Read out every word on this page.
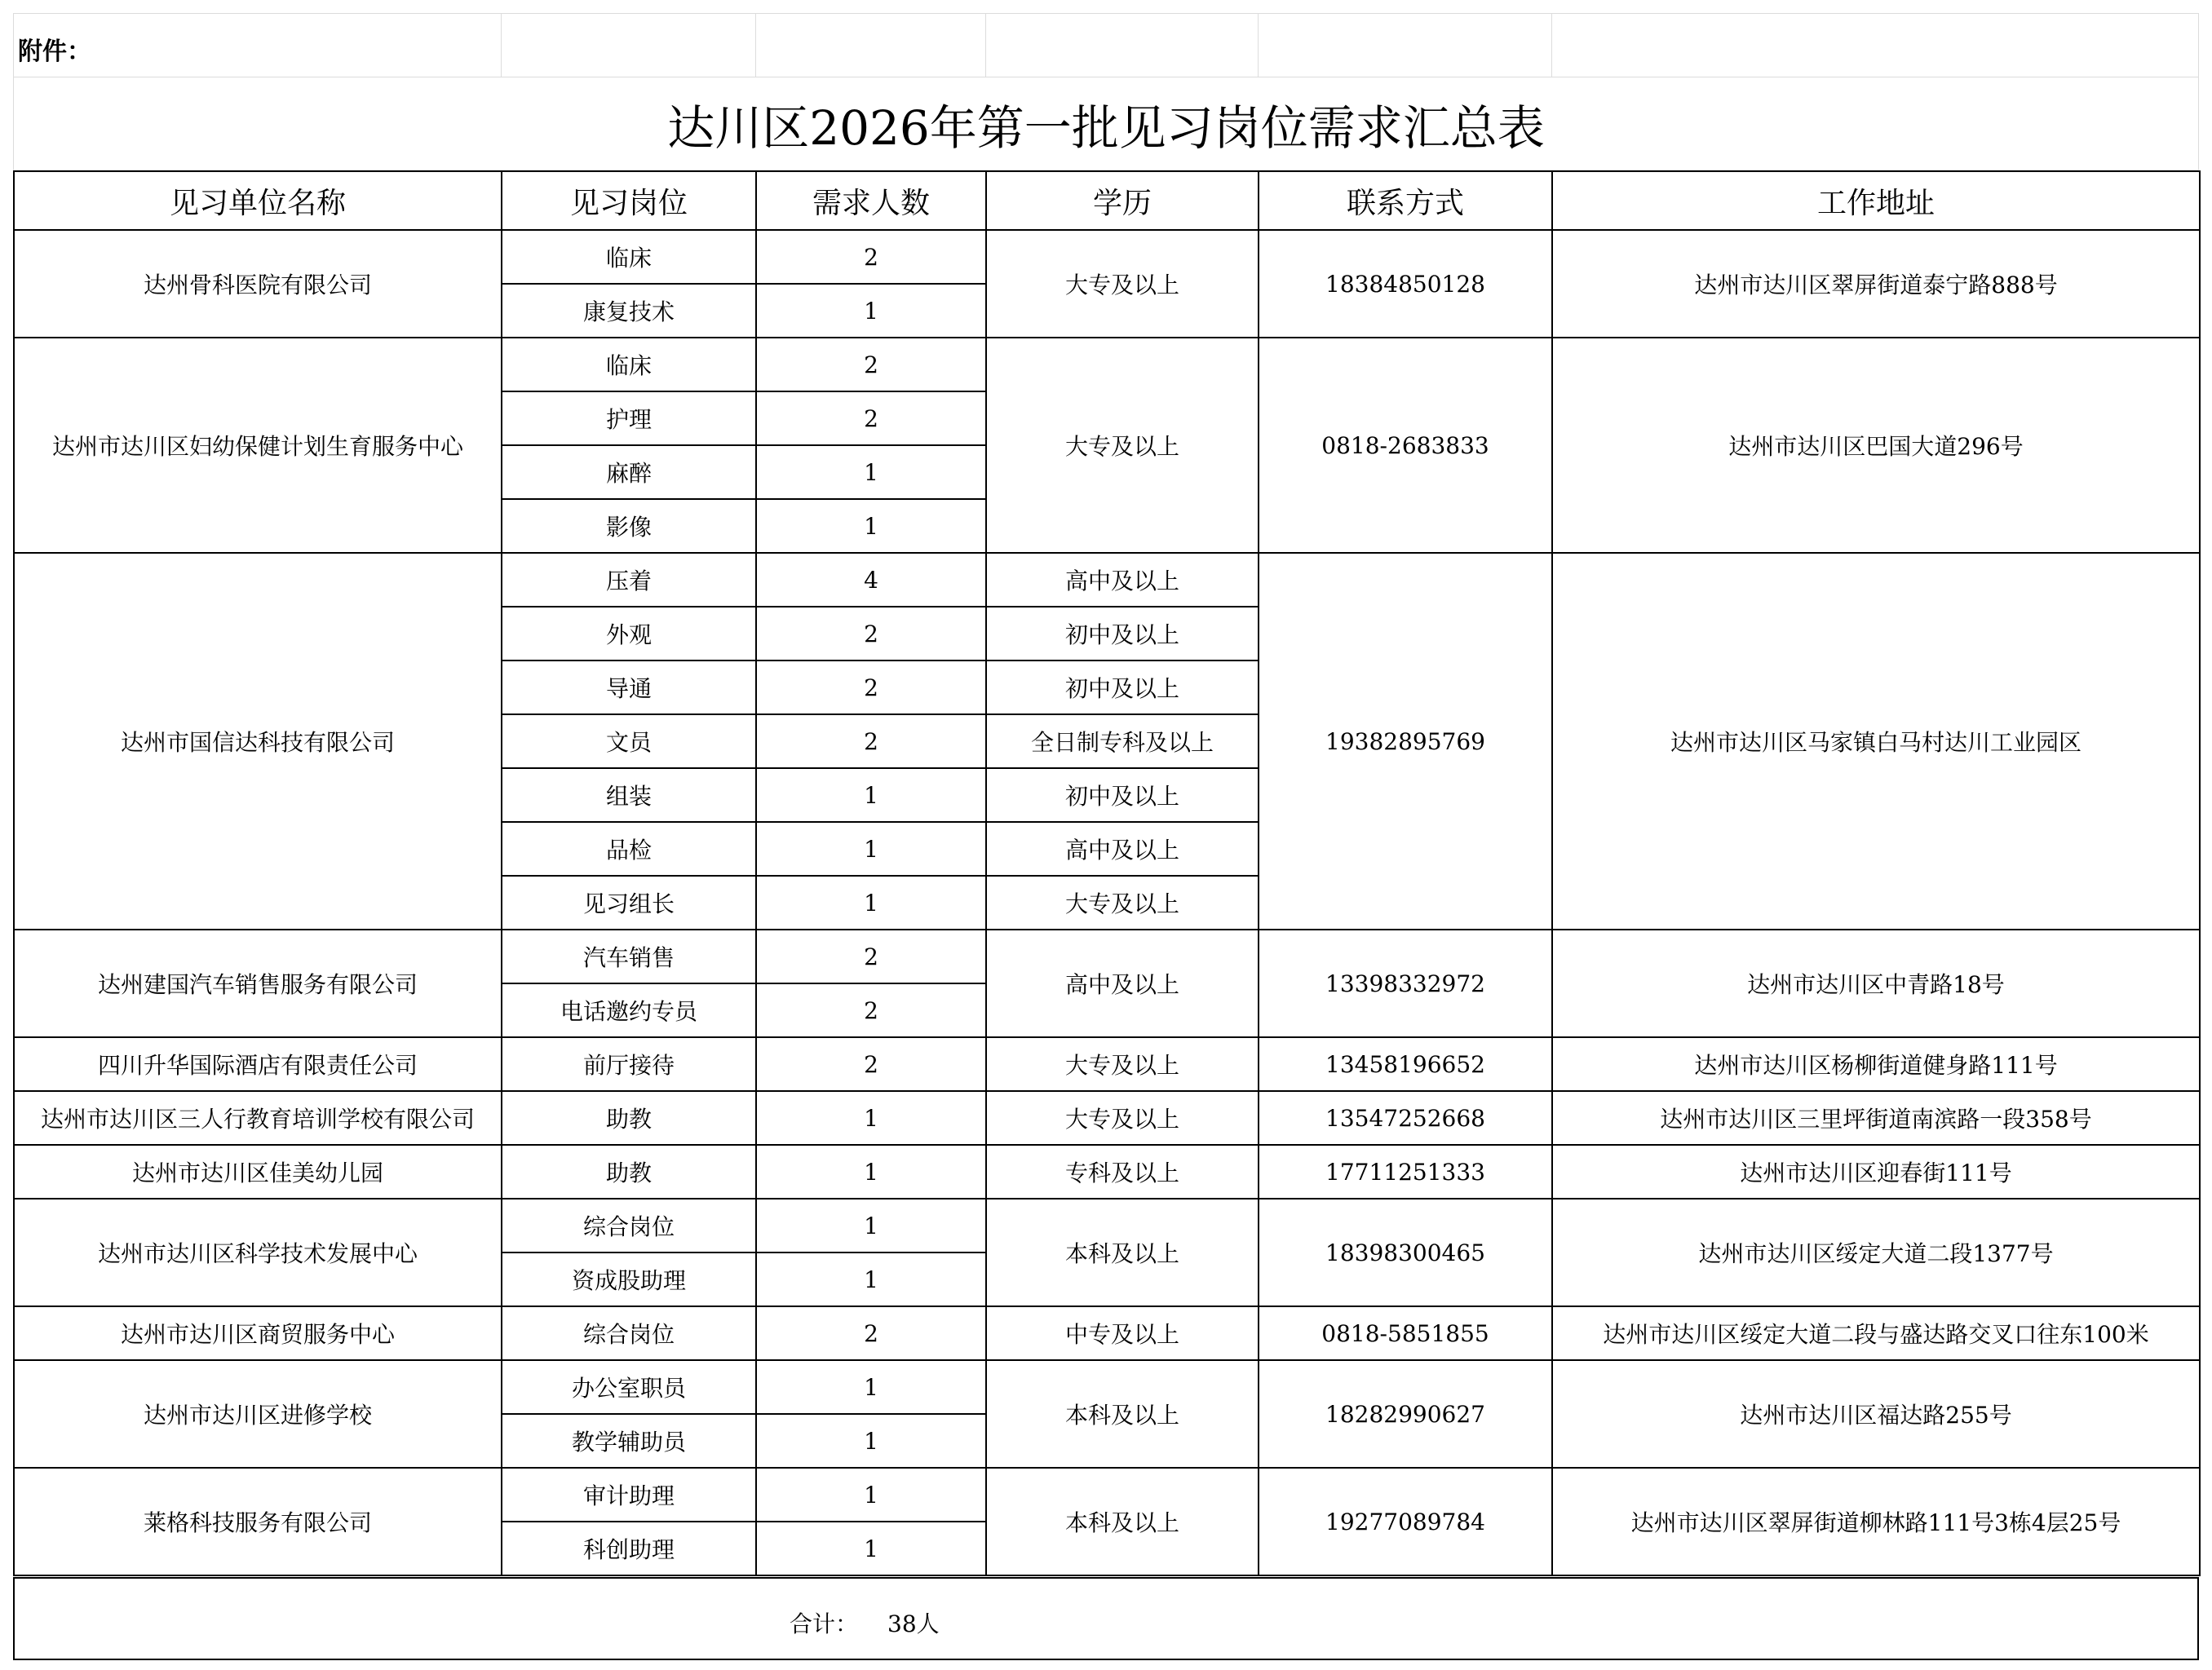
附件：
达川区2026年第一批见习岗位需求汇总表
见习单位名称	见习岗位	需求人数	学历	联系方式	工作地址
达州骨科医院有限公司	临床	2	大专及以上	18384850128	达州市达川区翠屏街道泰宁路888号
	康复技术	1			
达州市达川区妇幼保健计划生育服务中心	临床	2	大专及以上	0818-2683833	达州市达川区巴国大道296号
	护理	2			
	麻醉	1			
	影像	1			
达州市国信达科技有限公司	压着	4	高中及以上	19382895769	达州市达川区马家镇白马村达川工业园区
	外观	2	初中及以上		
	导通	2	初中及以上		
	文员	2	全日制专科及以上		
	组装	1	初中及以上		
	品检	1	高中及以上		
	见习组长	1	大专及以上		
达州建国汽车销售服务有限公司	汽车销售	2	高中及以上	13398332972	达州市达川区中青路18号
	电话邀约专员	2			
四川升华国际酒店有限责任公司	前厅接待	2	大专及以上	13458196652	达州市达川区杨柳街道健身路111号
达州市达川区三人行教育培训学校有限公司	助教	1	大专及以上	13547252668	达州市达川区三里坪街道南滨路一段358号
达州市达川区佳美幼儿园	助教	1	专科及以上	17711251333	达州市达川区迎春街111号
达州市达川区科学技术发展中心	综合岗位	1	本科及以上	18398300465	达州市达川区绥定大道二段1377号
	资成股助理	1			
达州市达川区商贸服务中心	综合岗位	2	中专及以上	0818-5851855	达州市达川区绥定大道二段与盛达路交叉口往东100米
达州市达川区进修学校	办公室职员	1	本科及以上	18282990627	达州市达川区福达路255号
	教学辅助员	1			
莱格科技服务有限公司	审计助理	1	本科及以上	19277089784	达州市达川区翠屏街道柳林路111号3栋4层25号
	科创助理	1			
合计： 38人
